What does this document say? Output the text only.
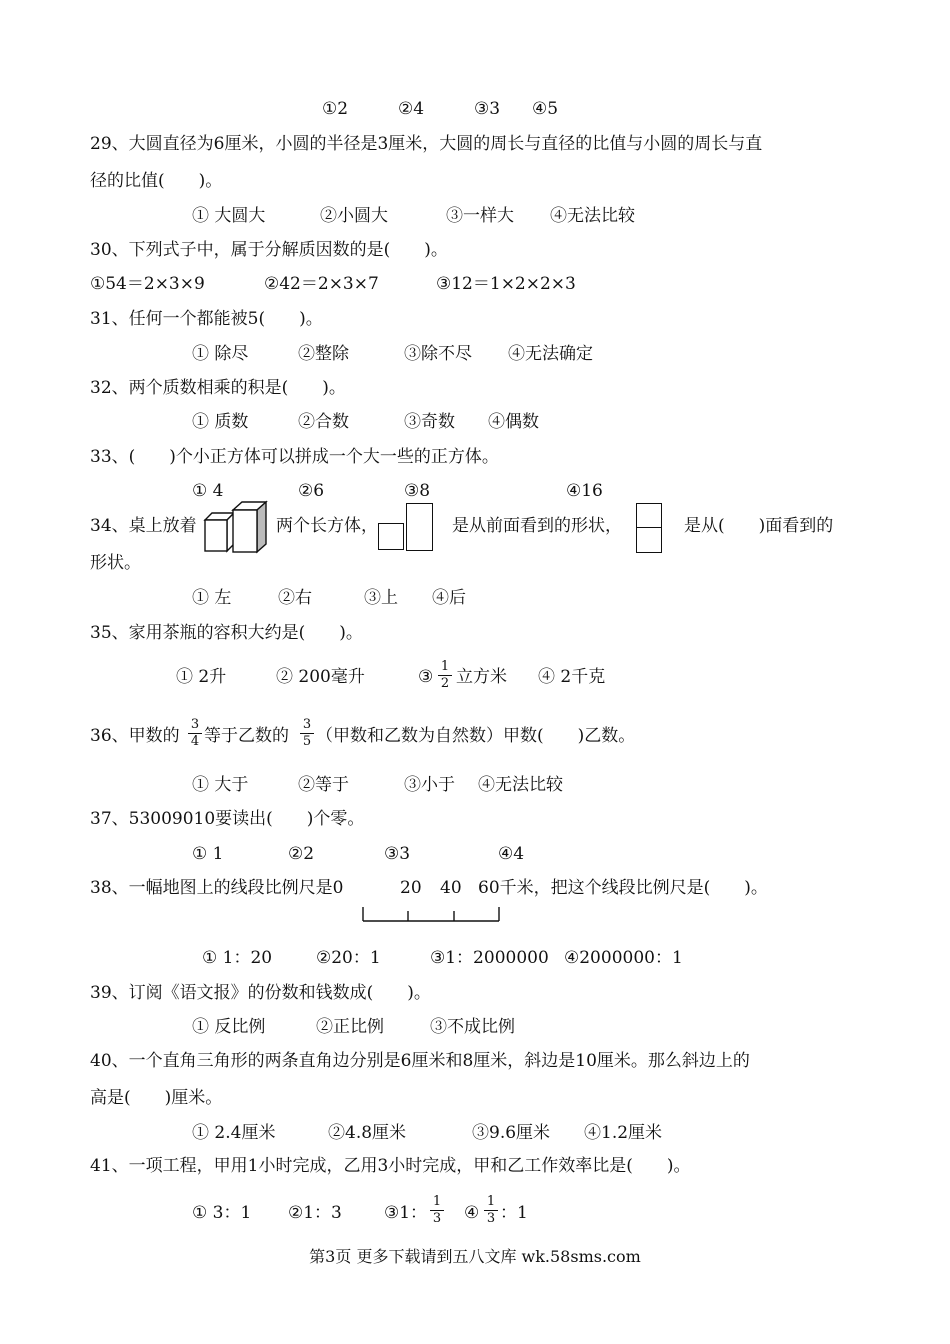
①2	②4	③3 ④5
29、大圆直径为6厘米，小圆的半径是3厘米，大圆的周长与直径的比值与小圆的周长与直
径的比值(　　)。
① 大圆大	②小圆大	③一样大 ④无法比较
30、下列式子中，属于分解质因数的是(　　)。
①54＝2×3×9	②42＝2×3×7	③12＝1×2×2×3
31、任何一个都能被5(　　)。
① 除尽	②整除	③除不尽 ④无法确定
32、两个质数相乘的积是(　　)。
① 质数	②合数	③奇数 ④偶数
33、(　　)个小正方体可以拼成一个大一些的正方体。
① 4	②6	③8	④16
34、桌上放着	两个长方体，	是从前面看到的形状，	是从(　　)面看到的
形状。
① 左	②右	③上 ④后
35、家用茶瓶的容积大约是(　　)。
① 2升	② 200毫升	③ $\frac{1}{2}$ 立方米 ④ 2千克
36、甲数的 $\frac{3}{4}$ 等于乙数的 $\frac{3}{5}$ （甲数和乙数为自然数）甲数(　　)乙数。
① 大于	②等于	③小于 ④无法比较
37、53009010要读出(　　)个零。
① 1	②2	③3	④4
38、一幅地图上的线段比例尺是0	20 40 60千米，把这个线段比例尺是(　　)。
① 1：20	②20：1	③1：2000000 ④2000000：1
39、订阅《语文报》的份数和钱数成(　　)。
① 反比例	②正比例	③不成比例
40、一个直角三角形的两条直角边分别是6厘米和8厘米，斜边是10厘米。那么斜边上的
高是(　　)厘米。
① 2.4厘米	②4.8厘米	③9.6厘米 ④1.2厘米
41、一项工程，甲用1小时完成，乙用3小时完成，甲和乙工作效率比是(　　)。
① 3：1 ②1：3 ③1： $\frac{1}{3}$ ④ $\frac{1}{3}$ ：1
第3页 更多下载请到五八文库 wk.58sms.com
